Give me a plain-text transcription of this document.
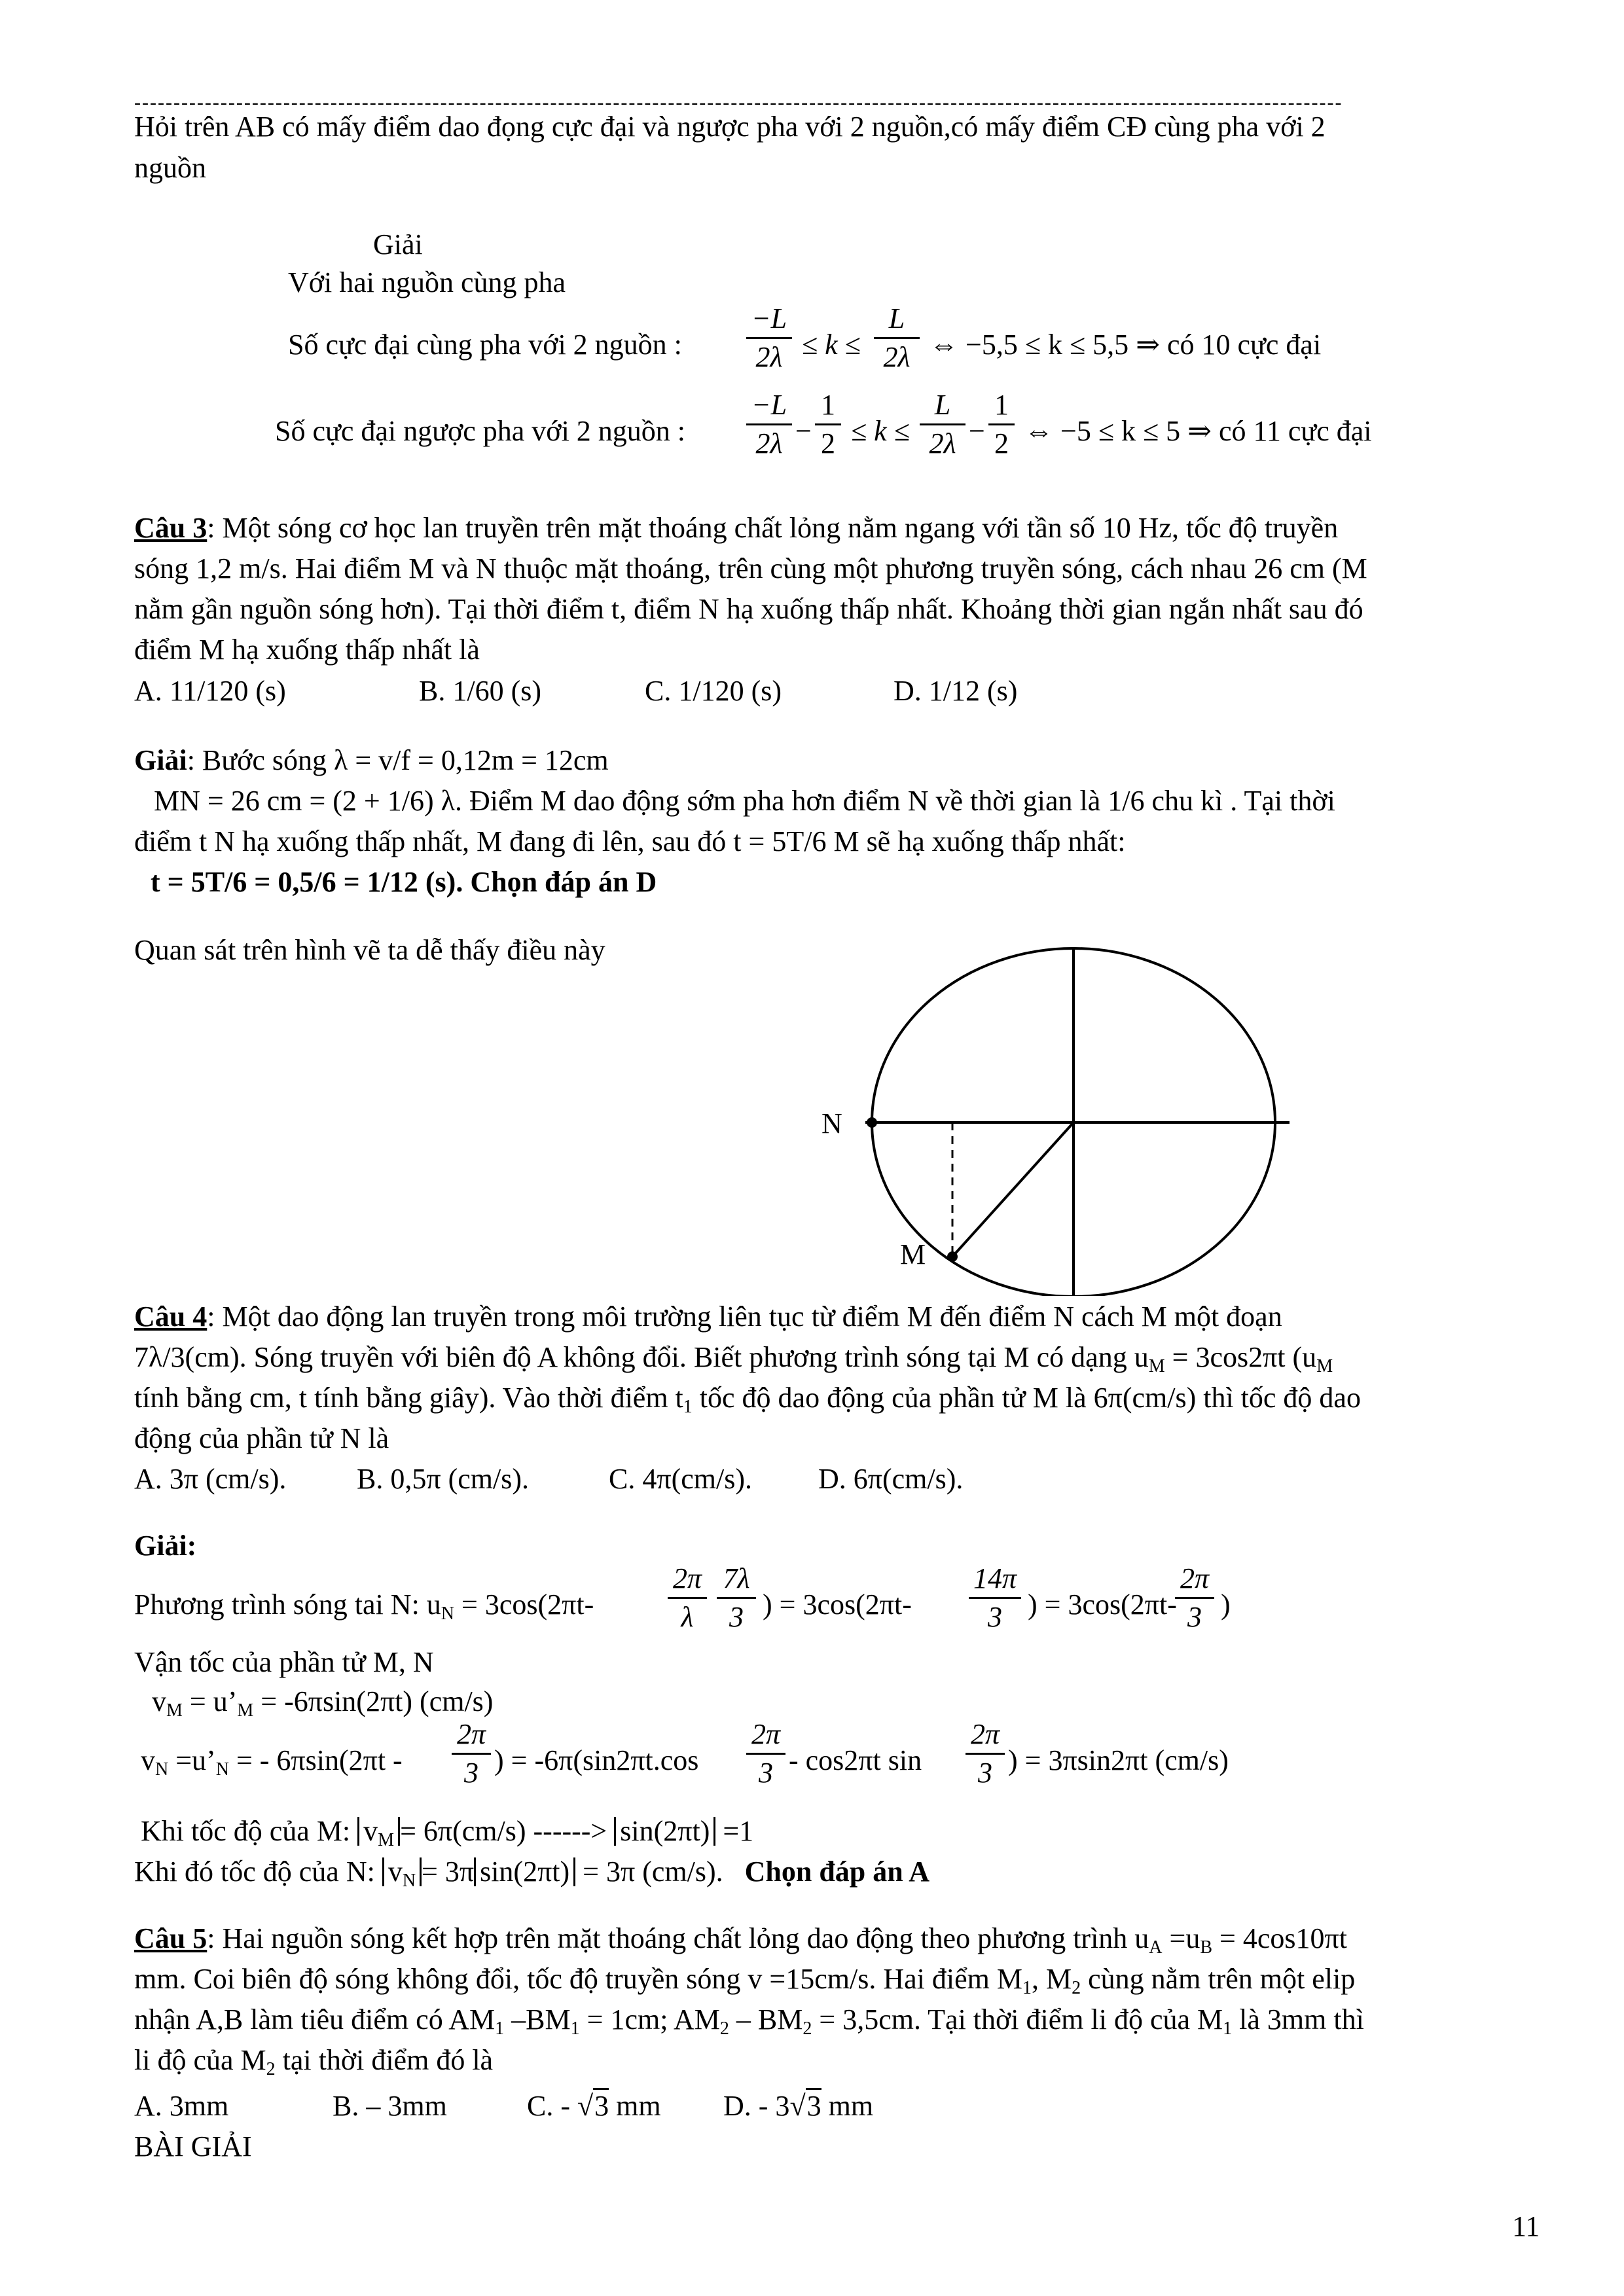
----------------------------------------------------------------------------------------------------------------------------------------------------------
Hỏi trên AB có mấy điểm dao đọng cực đại và ngược pha với 2 nguồn,có mấy điểm CĐ cùng pha với 2
nguồn
Giải
Với hai nguồn cùng pha
Số cực đại cùng pha với 2 nguồn :
−L
2λ ≤ k ≤
L
2λ ⇔ −5,5 ≤ k ≤ 5,5 ⇒ có 10 cực đại
Số cực đại ngược pha với 2 nguồn :
−L
2λ −
1
2 ≤ k ≤
L
2λ −
1
2 ⇔ −5 ≤ k ≤ 5 ⇒ có 11 cực đại
Câu 3: Một sóng cơ học lan truyền trên mặt thoáng chất lỏng nằm ngang với tần số 10 Hz, tốc độ truyền
sóng 1,2 m/s. Hai điểm M và N thuộc mặt thoáng, trên cùng một phương truyền sóng, cách nhau 26 cm (M
nằm gần nguồn sóng hơn). Tại thời điểm t, điểm N hạ xuống thấp nhất. Khoảng thời gian ngắn nhất sau đó
điểm M hạ xuống thấp nhất là
A. 11/120 (s)	B. 1/60 (s)	C. 1/120 (s)	D. 1/12 (s)
Giải: Bước sóng λ = v/f = 0,12m = 12cm
MN = 26 cm = (2 + 1/6) λ. Điểm M dao động sớm pha hơn điểm N về thời gian là 1/6 chu kì . Tại thời
điểm t N hạ xuống thấp nhất, M đang đi lên, sau đó t = 5T/6 M sẽ hạ xuống thấp nhất:
t = 5T/6 = 0,5/6 = 1/12 (s). Chọn đáp án D
Quan sát trên hình vẽ ta dễ thấy điều này
N
M
Câu 4: Một dao động lan truyền trong môi trường liên tục từ điểm M đến điểm N cách M một đoạn
7λ/3(cm). Sóng truyền với biên độ A không đổi. Biết phương trình sóng tại M có dạng $u_M = 3\cos 2\pi t$ ($u_M$
tính bằng cm, t tính bằng giây). Vào thời điểm $t_1$ tốc độ dao động của phần tử M là 6π(cm/s) thì tốc độ dao
động của phần tử N là
A. 3π (cm/s). B. 0,5π (cm/s).	C. 4π(cm/s). D. 6π(cm/s).
Giải:
Phương trình sóng tai N: $u_N = 3\cos(2\pi t-$
2π
λ
7λ
3 ) = 3cos(2πt-
14π
3 ) = 3cos(2πt-
2π
3 )
Vận tốc của phần tử M, N
$v_M$ = $u’_M = -6\pi\sin(2\pi t)$ (cm/s)
$v_N$ $=u’_N$ = - 6πsin(2πt -
2π
3 ) = -6π(sin2πt.cos
2π
3 - cos2πt sin
2π
3 ) = 3πsin2πt (cm/s)
Khi tốc độ của M: $v_M = 6\pi(cm/s)$ ------> sin(2πt) =1
Khi đó tốc độ của N: $v_N = 3\pi$ sin(2πt) = 3π (cm/s). Chọn đáp án A
Câu 5: Hai nguồn sóng kết hợp trên mặt thoáng chất lỏng dao động theo phương trình $u_A =u_B = 4\cos 10\pi t$
mm. Coi biên độ sóng không đổi, tốc độ truyền sóng v =15cm/s. Hai điểm $M_1$, $M_2$ cùng nằm trên một elip
nhận A,B làm tiêu điểm có $AM_1$ $-BM_1 = 1cm$; $AM_2 - BM_2 = 3,5cm$. Tại thời điểm li độ của $M_1$ là 3mm thì
li độ của $M_2$ tại thời điểm đó là
A. 3mm	B. – 3mm	C. - √3 mm D. - 3√3 mm
BÀI GIẢI
11
